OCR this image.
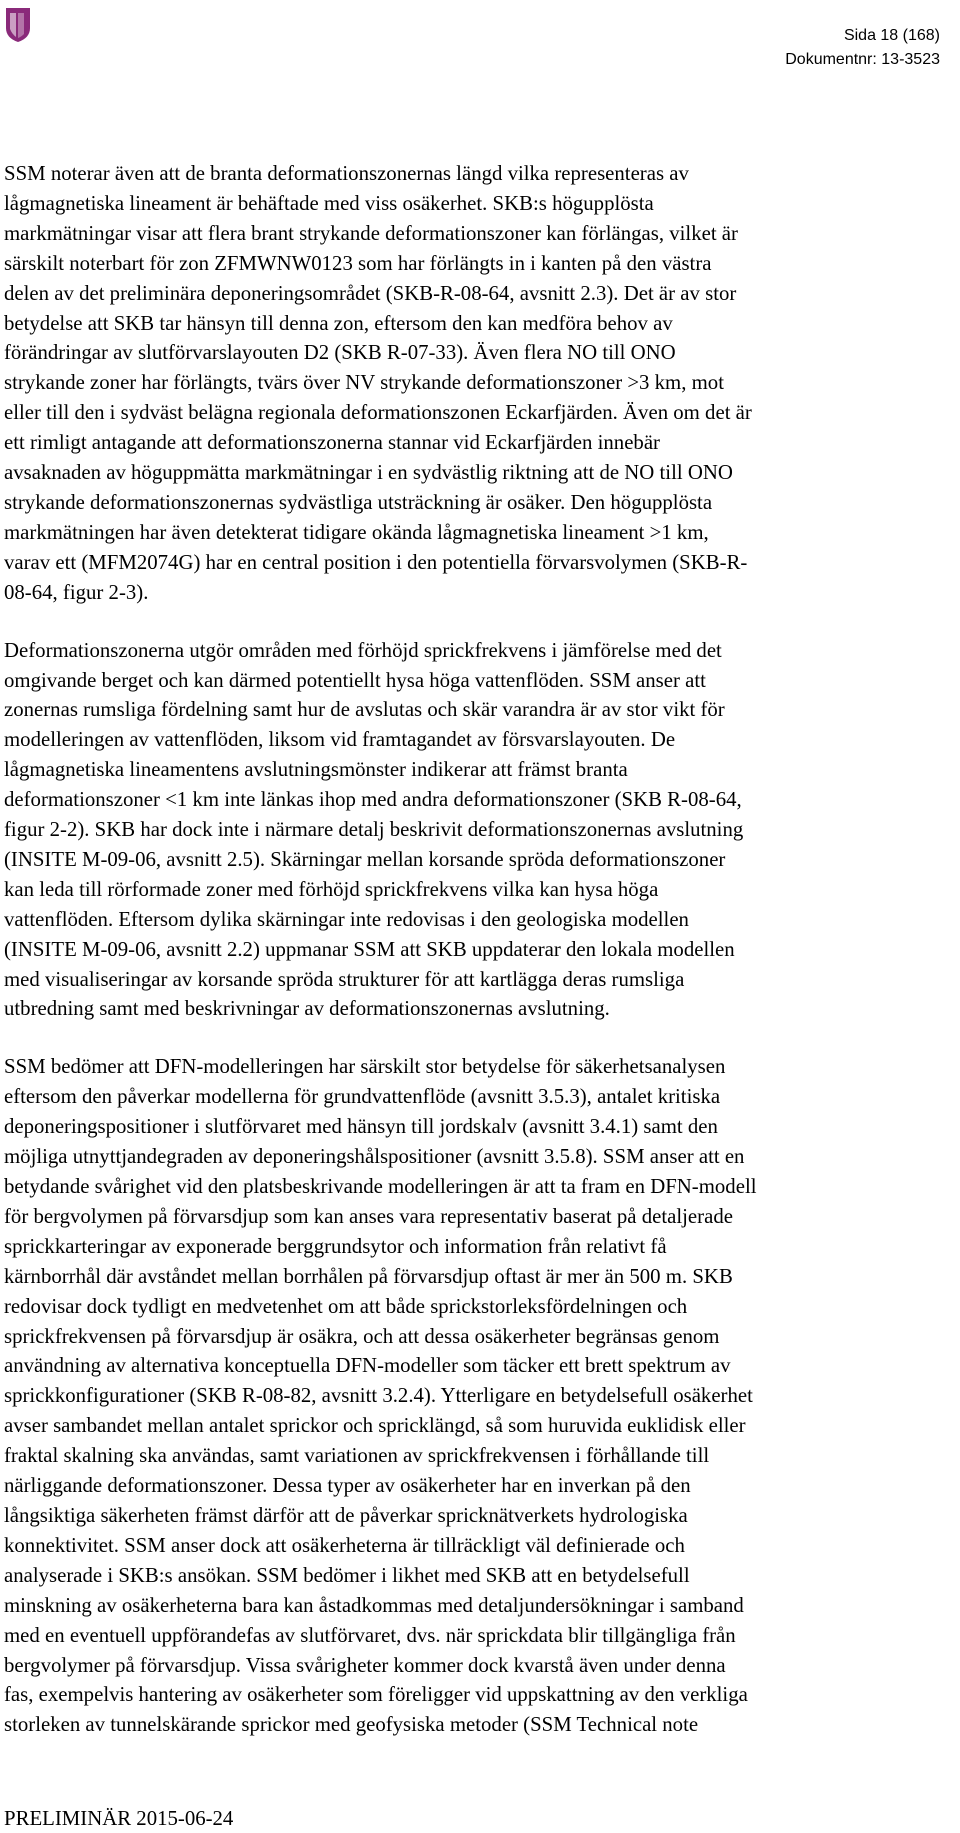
Sida 18 (168)
Dokumentnr: 13-3523
SSM noterar även att de branta deformationszonernas längd vilka representeras av
lågmagnetiska lineament är behäftade med viss osäkerhet. SKB:s högupplösta
markmätningar visar att flera brant strykande deformationszoner kan förlängas, vilket är
särskilt noterbart för zon ZFMWNW0123 som har förlängts in i kanten på den västra
delen av det preliminära deponeringsområdet (SKB-R-08-64, avsnitt 2.3). Det är av stor
betydelse att SKB tar hänsyn till denna zon, eftersom den kan medföra behov av
förändringar av slutförvarslayouten D2 (SKB R-07-33). Även flera NO till ONO
strykande zoner har förlängts, tvärs över NV strykande deformationszoner >3 km, mot
eller till den i sydväst belägna regionala deformationszonen Eckarfjärden. Även om det är
ett rimligt antagande att deformationszonerna stannar vid Eckarfjärden innebär
avsaknaden av höguppmätta markmätningar i en sydvästlig riktning att de NO till ONO
strykande deformationszonernas sydvästliga utsträckning är osäker. Den högupplösta
markmätningen har även detekterat tidigare okända lågmagnetiska lineament >1 km,
varav ett (MFM2074G) har en central position i den potentiella förvarsvolymen (SKB-R-
08-64, figur 2-3).
Deformationszonerna utgör områden med förhöjd sprickfrekvens i jämförelse med det
omgivande berget och kan därmed potentiellt hysa höga vattenflöden. SSM anser att
zonernas rumsliga fördelning samt hur de avslutas och skär varandra är av stor vikt för
modelleringen av vattenflöden, liksom vid framtagandet av försvarslayouten. De
lågmagnetiska lineamentens avslutningsmönster indikerar att främst branta
deformationszoner <1 km inte länkas ihop med andra deformationszoner (SKB R-08-64,
figur 2-2). SKB har dock inte i närmare detalj beskrivit deformationszonernas avslutning
(INSITE M-09-06, avsnitt 2.5). Skärningar mellan korsande spröda deformationszoner
kan leda till rörformade zoner med förhöjd sprickfrekvens vilka kan hysa höga
vattenflöden. Eftersom dylika skärningar inte redovisas i den geologiska modellen
(INSITE M-09-06, avsnitt 2.2) uppmanar SSM att SKB uppdaterar den lokala modellen
med visualiseringar av korsande spröda strukturer för att kartlägga deras rumsliga
utbredning samt med beskrivningar av deformationszonernas avslutning.
SSM bedömer att DFN-modelleringen har särskilt stor betydelse för säkerhetsanalysen
eftersom den påverkar modellerna för grundvattenflöde (avsnitt 3.5.3), antalet kritiska
deponeringspositioner i slutförvaret med hänsyn till jordskalv (avsnitt 3.4.1) samt den
möjliga utnyttjandegraden av deponeringshålspositioner (avsnitt 3.5.8). SSM anser att en
betydande svårighet vid den platsbeskrivande modelleringen är att ta fram en DFN-modell
för bergvolymen på förvarsdjup som kan anses vara representativ baserat på detaljerade
sprickkarteringar av exponerade berggrundsytor och information från relativt få
kärnborrhål där avståndet mellan borrhålen på förvarsdjup oftast är mer än 500 m. SKB
redovisar dock tydligt en medvetenhet om att både sprickstorleksfördelningen och
sprickfrekvensen på förvarsdjup är osäkra, och att dessa osäkerheter begränsas genom
användning av alternativa konceptuella DFN-modeller som täcker ett brett spektrum av
sprickkonfigurationer (SKB R-08-82, avsnitt 3.2.4). Ytterligare en betydelsefull osäkerhet
avser sambandet mellan antalet sprickor och spricklängd, så som huruvida euklidisk eller
fraktal skalning ska användas, samt variationen av sprickfrekvensen i förhållande till
närliggande deformationszoner. Dessa typer av osäkerheter har en inverkan på den
långsiktiga säkerheten främst därför att de påverkar spricknätverkets hydrologiska
konnektivitet. SSM anser dock att osäkerheterna är tillräckligt väl definierade och
analyserade i SKB:s ansökan. SSM bedömer i likhet med SKB att en betydelsefull
minskning av osäkerheterna bara kan åstadkommas med detaljundersökningar i samband
med en eventuell uppförandefas av slutförvaret, dvs. när sprickdata blir tillgängliga från
bergvolymer på förvarsdjup. Vissa svårigheter kommer dock kvarstå även under denna
fas, exempelvis hantering av osäkerheter som föreligger vid uppskattning av den verkliga
storleken av tunnelskärande sprickor med geofysiska metoder (SSM Technical note
PRELIMINÄR 2015-06-24
